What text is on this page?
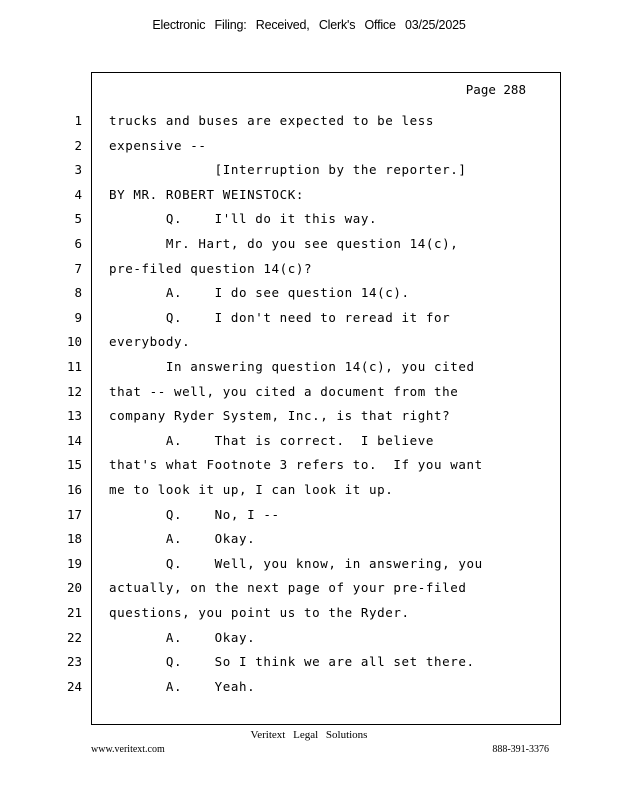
Electronic Filing: Received, Clerk's Office 03/25/2025
Page 288
1 trucks and buses are expected to be less
2 expensive --
3 [Interruption by the reporter.]
4 BY MR. ROBERT WEINSTOCK:
5 Q.    I'll do it this way.
6 Mr. Hart, do you see question 14(c),
7 pre-filed question 14(c)?
8 A.    I do see question 14(c).
9 Q.    I don't need to reread it for
10 everybody.
11 In answering question 14(c), you cited
12 that -- well, you cited a document from the
13 company Ryder System, Inc., is that right?
14 A.    That is correct.  I believe
15 that's what Footnote 3 refers to.  If you want
16 me to look it up, I can look it up.
17 Q.    No, I --
18 A.    Okay.
19 Q.    Well, you know, in answering, you
20 actually, on the next page of your pre-filed
21 questions, you point us to the Ryder.
22 A.    Okay.
23 Q.    So I think we are all set there.
24 A.    Yeah.
Veritext Legal Solutions
www.veritext.com	888-391-3376
